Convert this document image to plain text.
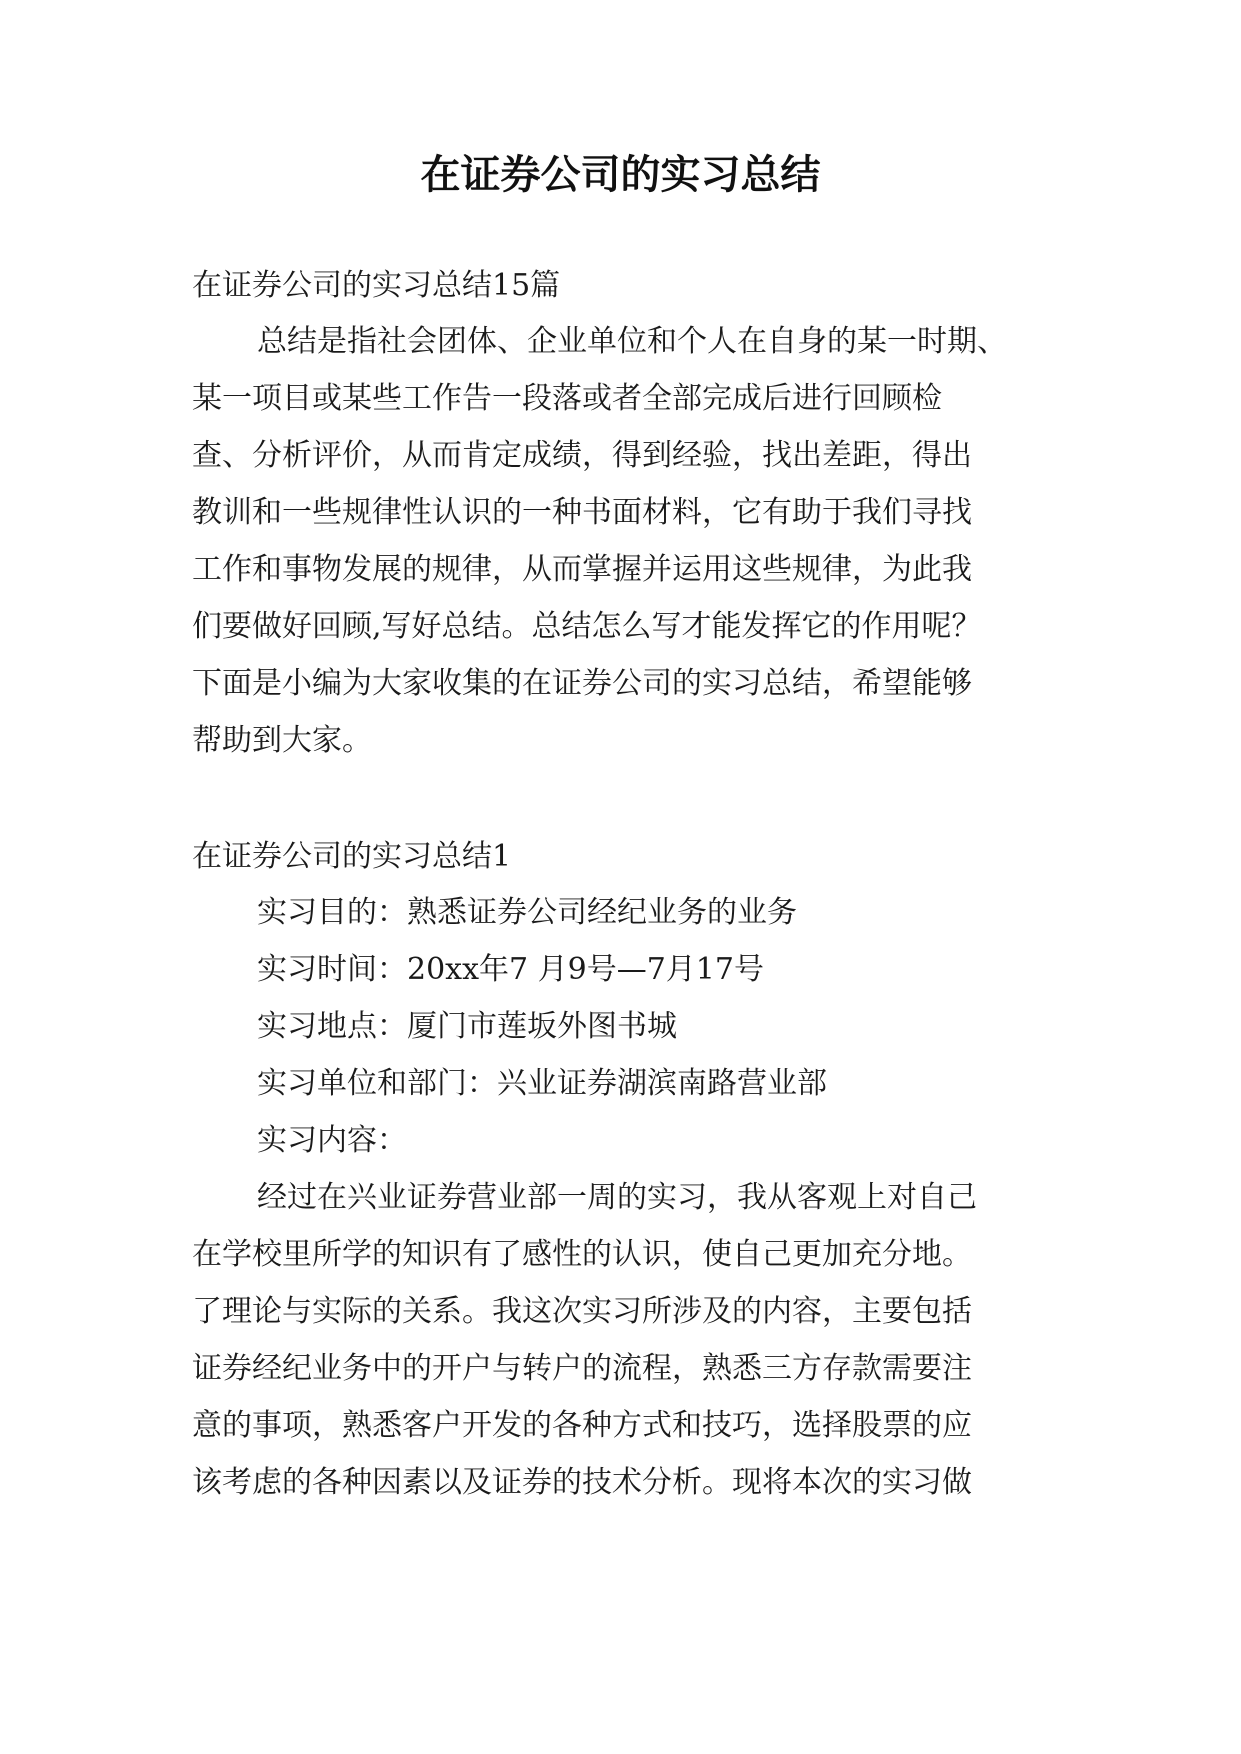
在证券公司的实习总结
在证券公司的实习总结15篇
总结是指社会团体、企业单位和个人在自身的某一时期、
某一项目或某些工作告一段落或者全部完成后进行回顾检
查、分析评价，从而肯定成绩，得到经验，找出差距，得出
教训和一些规律性认识的一种书面材料，它有助于我们寻找
工作和事物发展的规律，从而掌握并运用这些规律，为此我
们要做好回顾,写好总结。总结怎么写才能发挥它的作用呢？
下面是小编为大家收集的在证券公司的实习总结，希望能够
帮助到大家。
在证券公司的实习总结1
实习目的：熟悉证券公司经纪业务的业务
实习时间：20xx年7 月9号—7月17号
实习地点：厦门市莲坂外图书城
实习单位和部门：兴业证券湖滨南路营业部
实习内容：
经过在兴业证券营业部一周的实习，我从客观上对自己
在学校里所学的知识有了感性的认识，使自己更加充分地。
了理论与实际的关系。我这次实习所涉及的内容，主要包括
证券经纪业务中的开户与转户的流程，熟悉三方存款需要注
意的事项，熟悉客户开发的各种方式和技巧，选择股票的应
该考虑的各种因素以及证券的技术分析。现将本次的实习做
